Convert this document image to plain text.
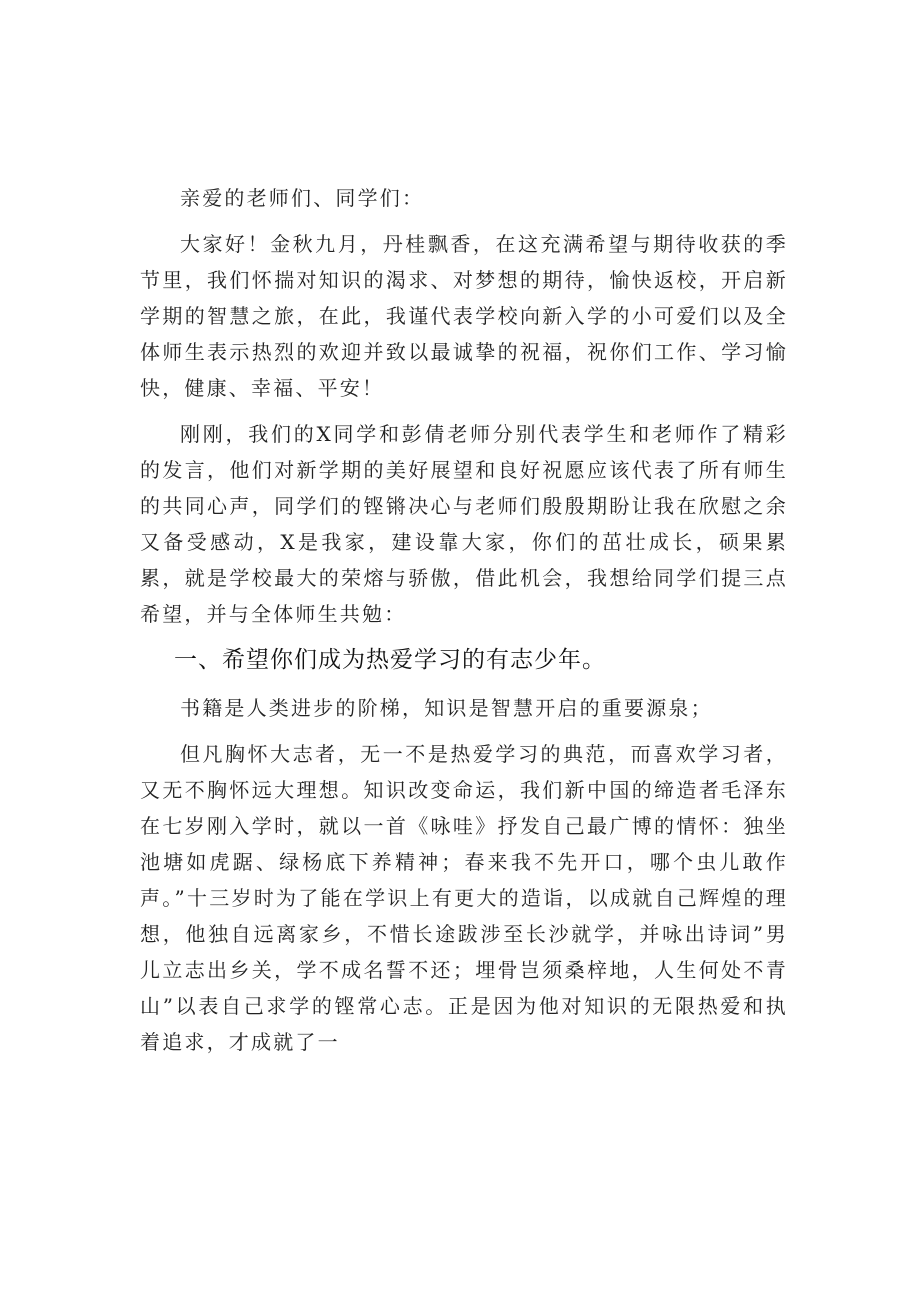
亲爱的老师们、同学们：

大家好！金秋九月，丹桂飘香，在这充满希望与期待收获的季节里，我们怀揣对知识的渴求、对梦想的期待，愉快返校，开启新学期的智慧之旅，在此，我谨代表学校向新入学的小可爱们以及全体师生表示热烈的欢迎并致以最诚挚的祝福，祝你们工作、学习愉快，健康、幸福、平安！

刚刚，我们的X同学和彭倩老师分别代表学生和老师作了精彩的发言，他们对新学期的美好展望和良好祝愿应该代表了所有师生的共同心声，同学们的铿锵决心与老师们殷殷期盼让我在欣慰之余又备受感动，X是我家，建设靠大家，你们的茁壮成长，硕果累累，就是学校最大的荣熔与骄傲，借此机会，我想给同学们提三点希望，并与全体师生共勉：

一、希望你们成为热爱学习的有志少年。

书籍是人类进步的阶梯，知识是智慧开启的重要源泉；

但凡胸怀大志者，无一不是热爱学习的典范，而喜欢学习者，又无不胸怀远大理想。知识改变命运，我们新中国的缔造者毛泽东在七岁刚入学时，就以一首《咏哇》抒发自己最广博的情怀：独坐池塘如虎踞、绿杨底下养精神；春来我不先开口，哪个虫儿敢作声。”十三岁时为了能在学识上有更大的造诣，以成就自己辉煌的理想，他独自远离家乡，不惜长途跋涉至长沙就学，并咏出诗词”男儿立志出乡关，学不成名誓不还；埋骨岂须桑梓地，人生何处不青山”以表自己求学的铿常心志。正是因为他对知识的无限热爱和执着追求，才成就了一
